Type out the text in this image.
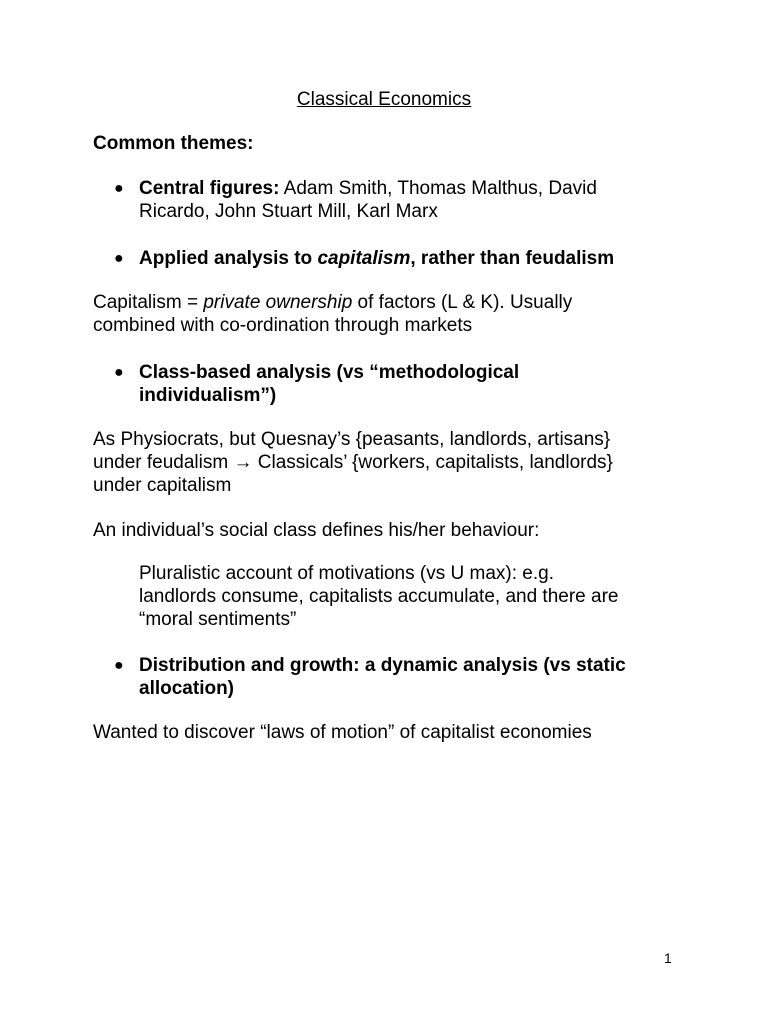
Classical Economics
Common themes:
● Central figures: Adam Smith, Thomas Malthus, David
Ricardo, John Stuart Mill, Karl Marx
● Applied analysis to capitalism, rather than feudalism
Capitalism = private ownership of factors (L & K). Usually
combined with co-ordination through markets
● Class-based analysis (vs “methodological
individualism”)
As Physiocrats, but Quesnay’s {peasants, landlords, artisans}
under feudalism → Classicals’ {workers, capitalists, landlords}
under capitalism
An individual’s social class defines his/her behaviour:
Pluralistic account of motivations (vs U max): e.g.
landlords consume, capitalists accumulate, and there are
“moral sentiments”
● Distribution and growth: a dynamic analysis (vs static
allocation)
Wanted to discover “laws of motion” of capitalist economies
1
